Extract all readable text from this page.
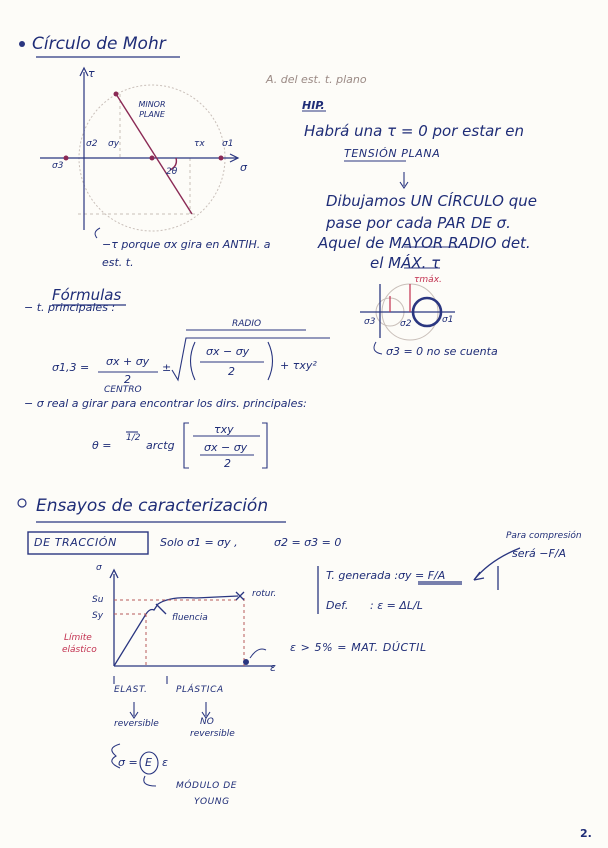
Círculo de Mohr
A. del est. t. plano
τ
σ
σ3
σ2 σy	τx σ1
2θ
MINOR PLANE
−τ porque σx gira en ANTIH. a est. t.
HIP.
Habrá una τ = 0 por estar en
TENSIÓN PLANA
Dibujamos UN CÍRCULO que
pase por cada PAR DE σ.
Aquel de MAYOR RADIO det.
el MÁX. τ
τmáx.
σ3	σ2	σ1
σ3 = 0 no se cuenta
Fórmulas
− t. principales :
RADIO
CENTRO
σ1,3 = σx + σy
2
±
σx − σy
2	+ τxy²
− σ real a girar para encontrar los dirs. principales:
θ =
1/2
arctg
τxy
σx − σy
2
Ensayos de caracterización
DE TRACCIÓN	Solo σ1 = σy ,	σ2 = σ3 = 0	Para compresión
será −F/A
T. generada : σy = F/A
Def. : ε = ΔL/L
ε > 5% = MAT. DÚCTIL
σ
Su
Sy
Límite
elástico
fluencia
rotur.
ε
ELAST.	PLÁSTICA
reversible	NO
reversible
σ = E ε
MÓDULO DE
YOUNG
2.
